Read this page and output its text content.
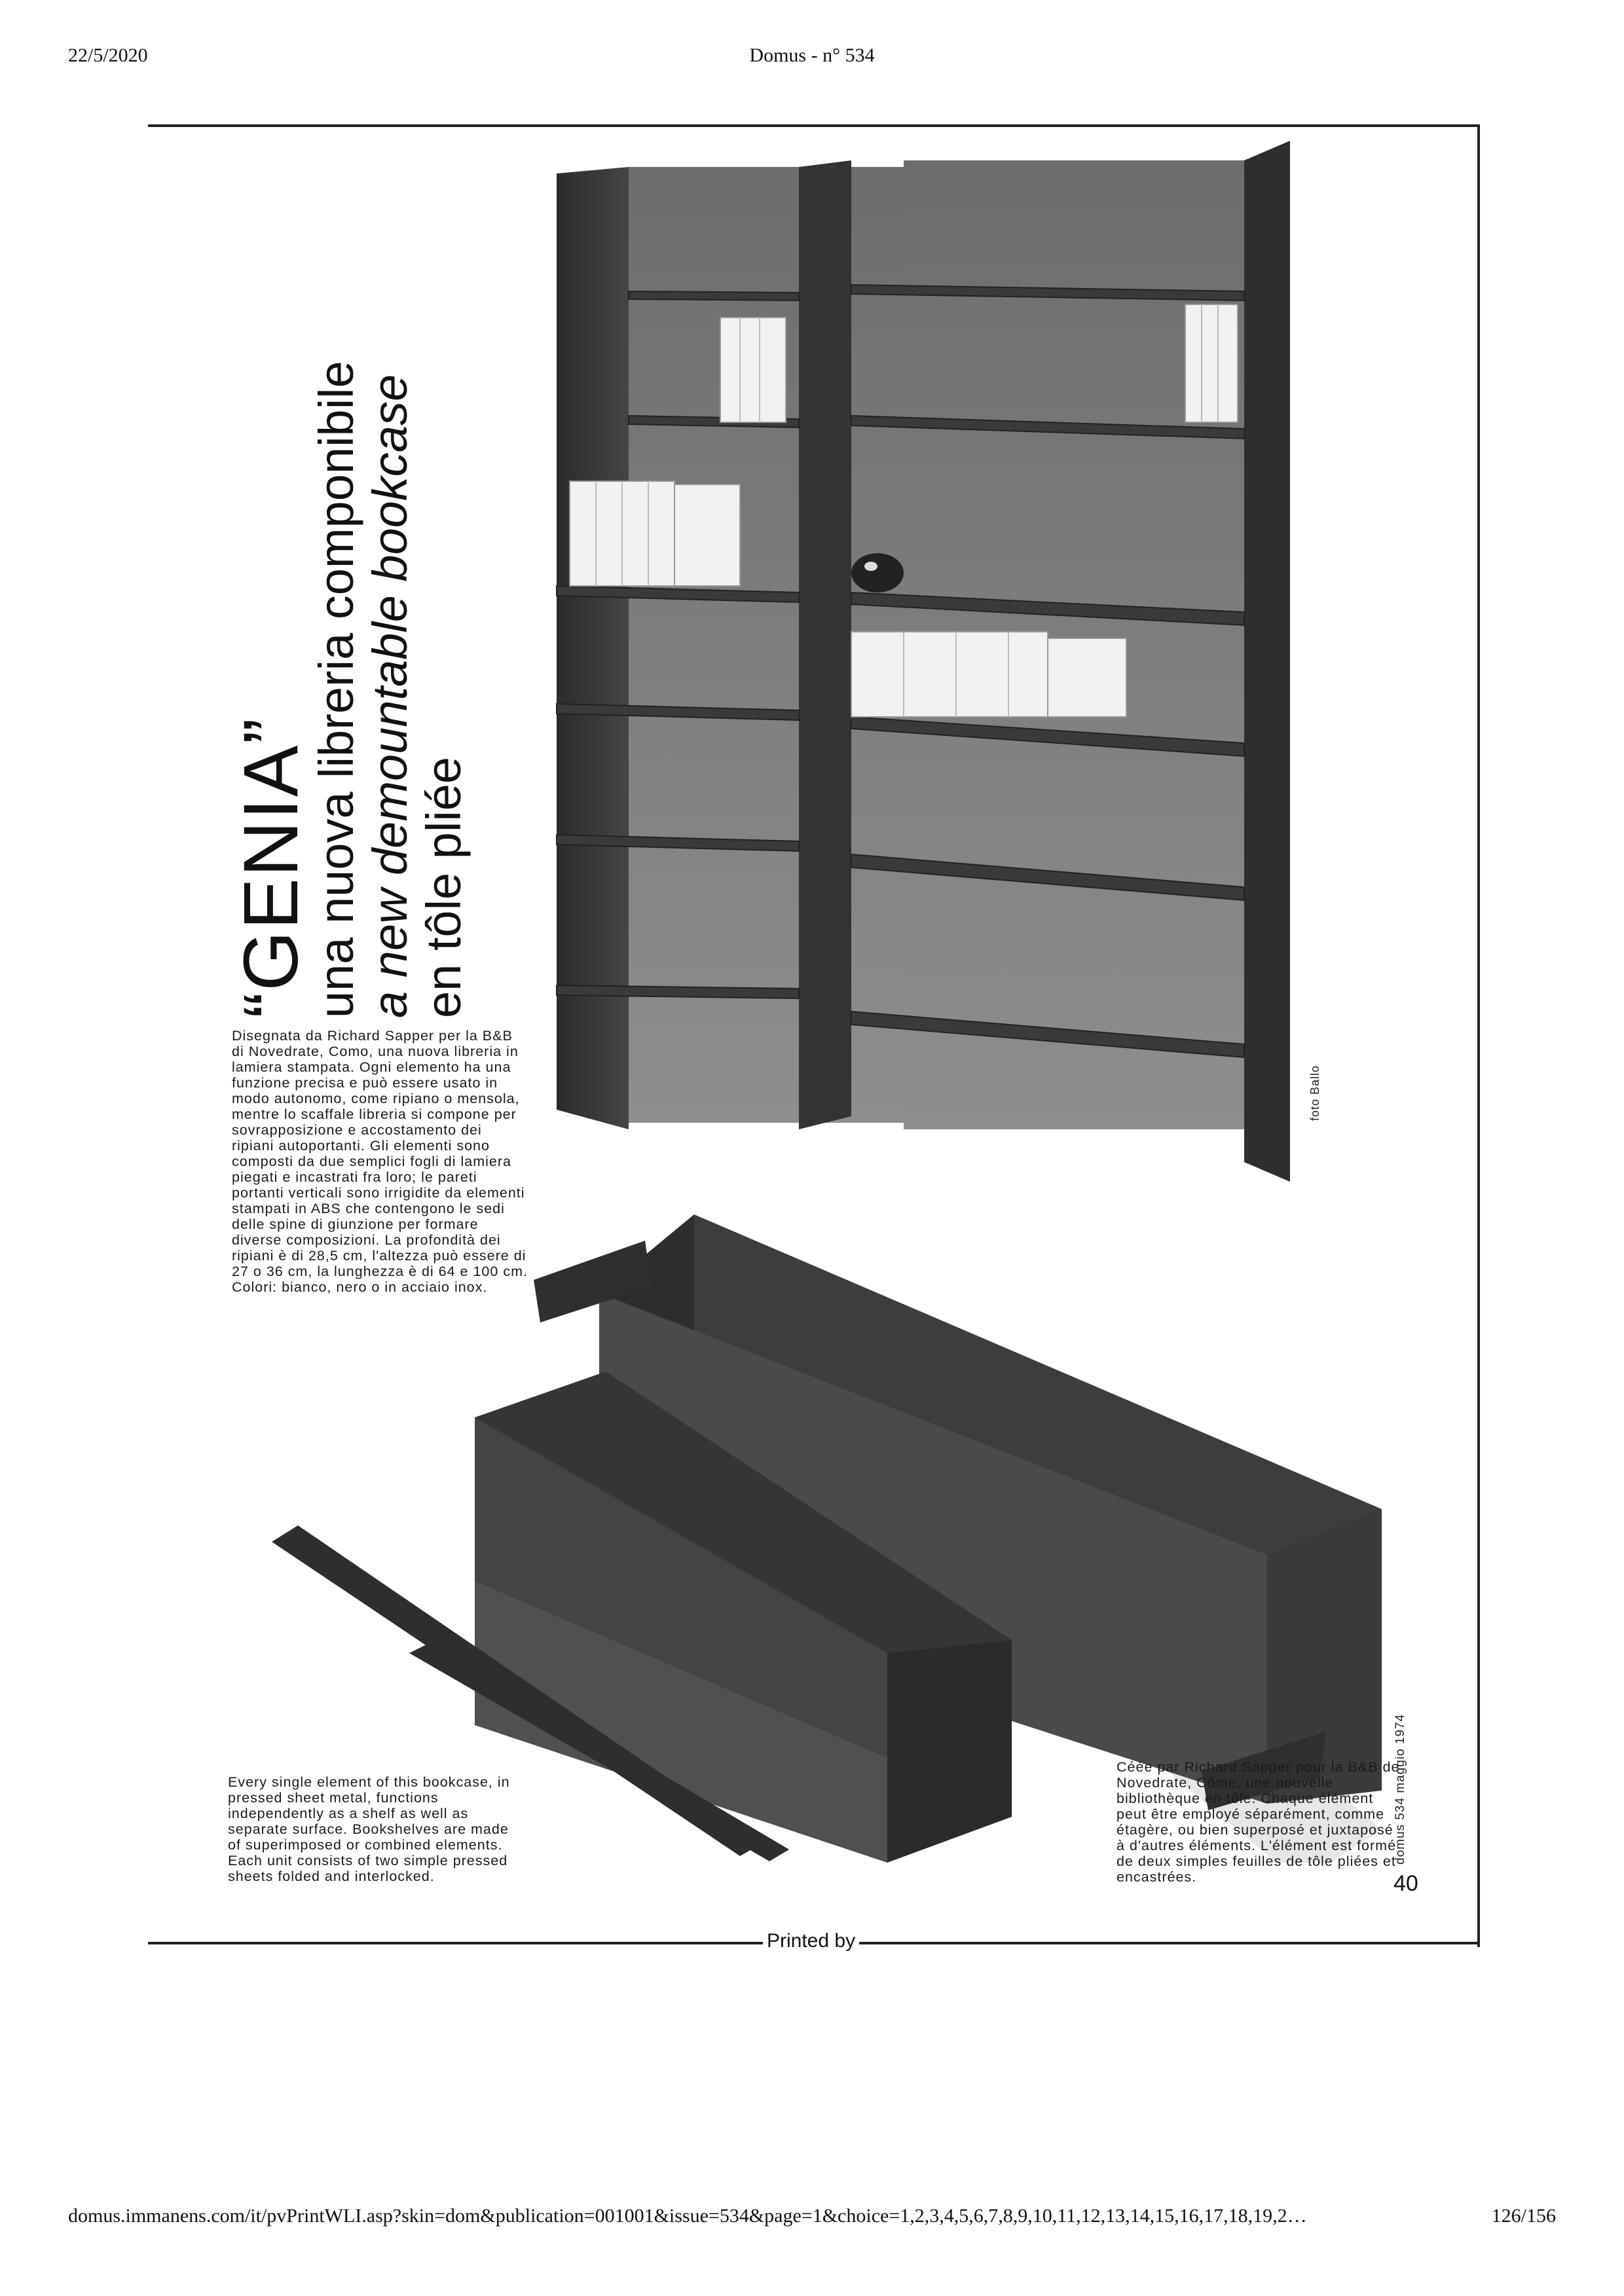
22/5/2020	Domus - n° 534
“GENIA”
una nuova libreria componibile a new demountable bookcase en tôle pliée
Disegnata da Richard Sapper per la B&B di Novedrate, Como, una nuova libreria in lamiera stampata. Ogni elemento ha una funzione precisa e può essere usato in modo autonomo, come ripiano o mensola, mentre lo scaffale libreria si compone per sovrapposizione e accostamento dei ripiani autoportanti. Gli elementi sono composti da due semplici fogli di lamiera piegati e incastrati fra loro; le pareti portanti verticali sono irrigidite da elementi stampati in ABS che contengono le sedi delle spine di giunzione per formare diverse composizioni. La profondità dei ripiani è di 28,5 cm, l'altezza può essere di 27 o 36 cm, la lunghezza è di 64 e 100 cm. Colori: bianco, nero o in acciaio inox.
Every single element of this bookcase, in pressed sheet metal, functions independently as a shelf as well as separate surface. Bookshelves are made of superimposed or combined elements. Each unit consists of two simple pressed sheets folded and interlocked.
Céée par Richard Sapper pour la B&B de Novedrate, Côme, une nouvelle bibliothèque en tôle. Chaque élément peut être employé séparément, comme étagère, ou bien superposé et juxtaposé à d'autres éléments. L'élément est formé de deux simples feuilles de tôle pliées et encastrées.
foto Ballo
domus 534 maggio 1974
40
Printed by
domus.immanens.com/it/pvPrintWLI.asp?skin=dom&publication=001001&issue=534&page=1&choice=1,2,3,4,5,6,7,8,9,10,11,12,13,14,15,16,17,18,19,2…	126/156
